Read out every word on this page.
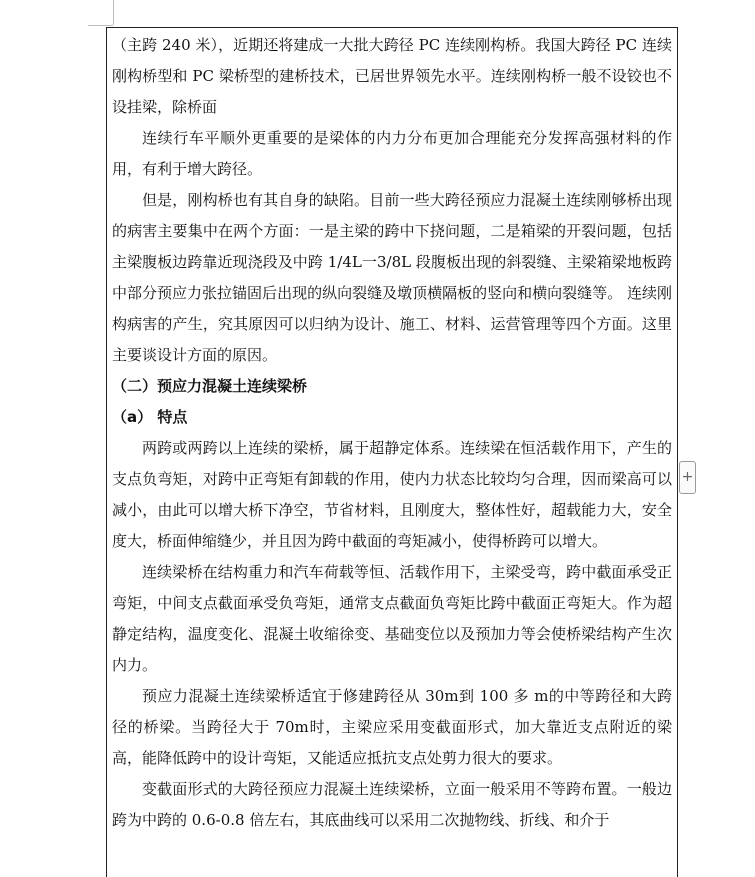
（主跨 240 米），近期还将建成一大批大跨径 PC 连续刚构桥。我国大跨径 PC 连续刚构桥型和 PC 梁桥型的建桥技术，已居世界领先水平。连续刚构桥一般不设铰也不设挂梁，除桥面

连续行车平顺外更重要的是梁体的内力分布更加合理能充分发挥高强材料的作用，有利于增大跨径。

但是，刚构桥也有其自身的缺陷。目前一些大跨径预应力混凝土连续刚够桥出现的病害主要集中在两个方面：一是主梁的跨中下挠问题，二是箱梁的开裂问题，包括主梁腹板边跨靠近现浇段及中跨 1/4L一3/8L 段腹板出现的斜裂缝、主梁箱梁地板跨中部分预应力张拉锚固后出现的纵向裂缝及墩顶横隔板的竖向和横向裂缝等。 连续刚构病害的产生，究其原因可以归纳为设计、施工、材料、运营管理等四个方面。这里主要谈设计方面的原因。

（二）预应力混凝土连续梁桥

（a） 特点

两跨或两跨以上连续的梁桥，属于超静定体系。连续梁在恒活载作用下，产生的支点负弯矩，对跨中正弯矩有卸载的作用，使内力状态比较均匀合理，因而梁高可以减小，由此可以增大桥下净空，节省材料，且刚度大，整体性好，超载能力大，安全度大，桥面伸缩缝少，并且因为跨中截面的弯矩减小，使得桥跨可以增大。

连续梁桥在结构重力和汽车荷载等恒、活载作用下，主梁受弯，跨中截面承受正弯矩，中间支点截面承受负弯矩，通常支点截面负弯矩比跨中截面正弯矩大。作为超静定结构，温度变化、混凝土收缩徐变、基础变位以及预加力等会使桥梁结构产生次内力。

预应力混凝土连续梁桥适宜于修建跨径从 30m到 100 多 m的中等跨径和大跨径的桥梁。当跨径大于 70m时，主梁应采用变截面形式，加大靠近支点附近的梁高，能降低跨中的设计弯矩，又能适应抵抗支点处剪力很大的要求。

变截面形式的大跨径预应力混凝土连续梁桥，立面一般采用不等跨布置。一般边跨为中跨的 0.6-0.8 倍左右，其底曲线可以采用二次抛物线、折线、和介于

+
